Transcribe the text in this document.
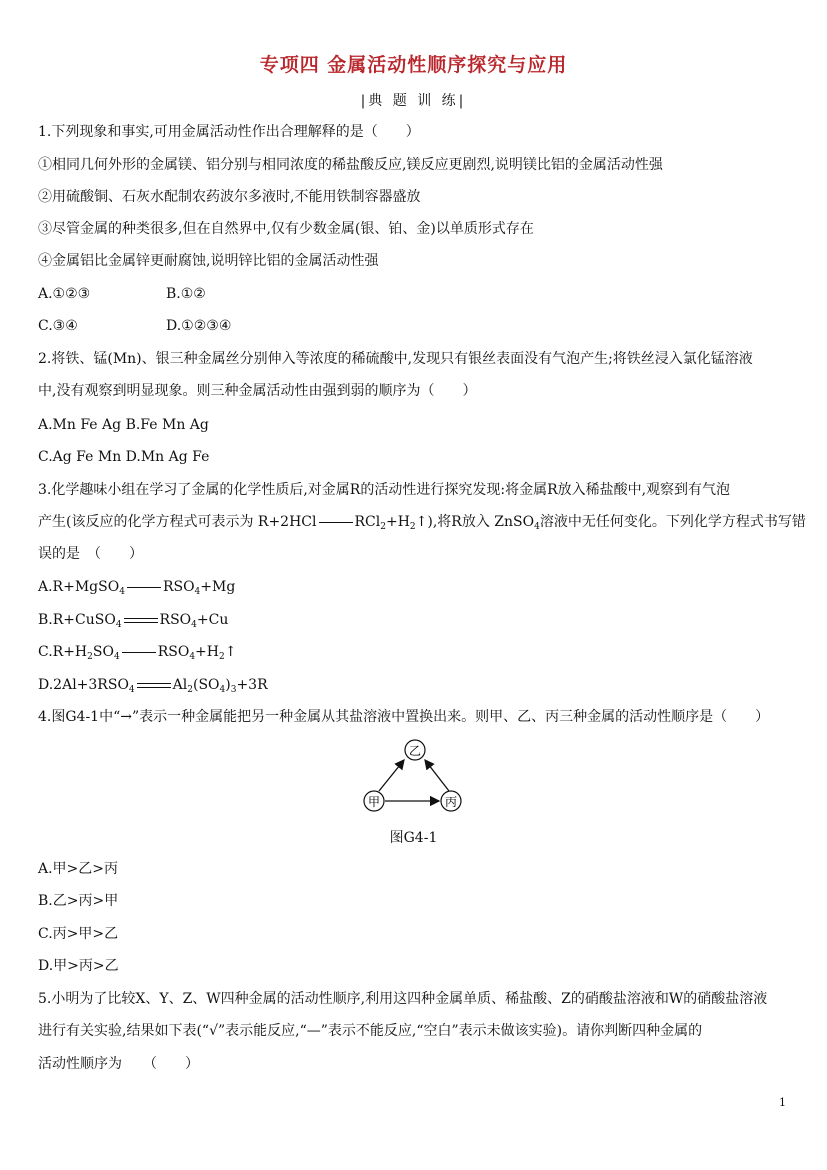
专项四 金属活动性顺序探究与应用
|典 题 训 练|
1.下列现象和事实,可用金属活动性作出合理解释的是（　　）
①相同几何外形的金属镁、铝分别与相同浓度的稀盐酸反应,镁反应更剧烈,说明镁比铝的金属活动性强
②用硫酸铜、石灰水配制农药波尔多液时,不能用铁制容器盛放
③尽管金属的种类很多,但在自然界中,仅有少数金属(银、铂、金)以单质形式存在
④金属铝比金属锌更耐腐蚀,说明锌比铝的金属活动性强
A.①②③	B.①②
C.③④	D.①②③④
2.将铁、锰(Mn)、银三种金属丝分别伸入等浓度的稀硫酸中,发现只有银丝表面没有气泡产生;将铁丝浸入氯化锰溶液
中,没有观察到明显现象。则三种金属活动性由强到弱的顺序为（　　）
A.Mn Fe Ag B.Fe Mn Ag
C.Ag Fe Mn D.Mn Ag Fe
3.化学趣味小组在学习了金属的化学性质后,对金属R的活动性进行探究发现:将金属R放入稀盐酸中,观察到有气泡
产生(该反应的化学方程式可表示为 R+2HCl	$RCl_2+H_2↑$),将R放入 ZnSO$_4$溶液中无任何变化。下列化学方程式书写错
误的是　（　　）
A.R+MgSO$_4$	$RSO_4+Mg$
B.R+CuSO$_4$	$RSO_4+Cu$
$C.R+H_2SO_4$	$RSO_4+H_2↑$
$D.2Al+3RSO_4$	$Al_2(SO_4)_3+3R$
4.图G4-1中“→”表示一种金属能把另一种金属从其盐溶液中置换出来。则甲、乙、丙三种金属的活动性顺序是（　　）
乙
甲	丙
图G4-1
A.甲>乙>丙
B.乙>丙>甲
C.丙>甲>乙
D.甲>丙>乙
5.小明为了比较X、Y、Z、W四种金属的活动性顺序,利用这四种金属单质、稀盐酸、Z的硝酸盐溶液和W的硝酸盐溶液
进行有关实验,结果如下表(“√”表示能反应,“—”表示不能反应,“空白”表示未做该实验)。请你判断四种金属的
活动性顺序为　　（　　）
1
